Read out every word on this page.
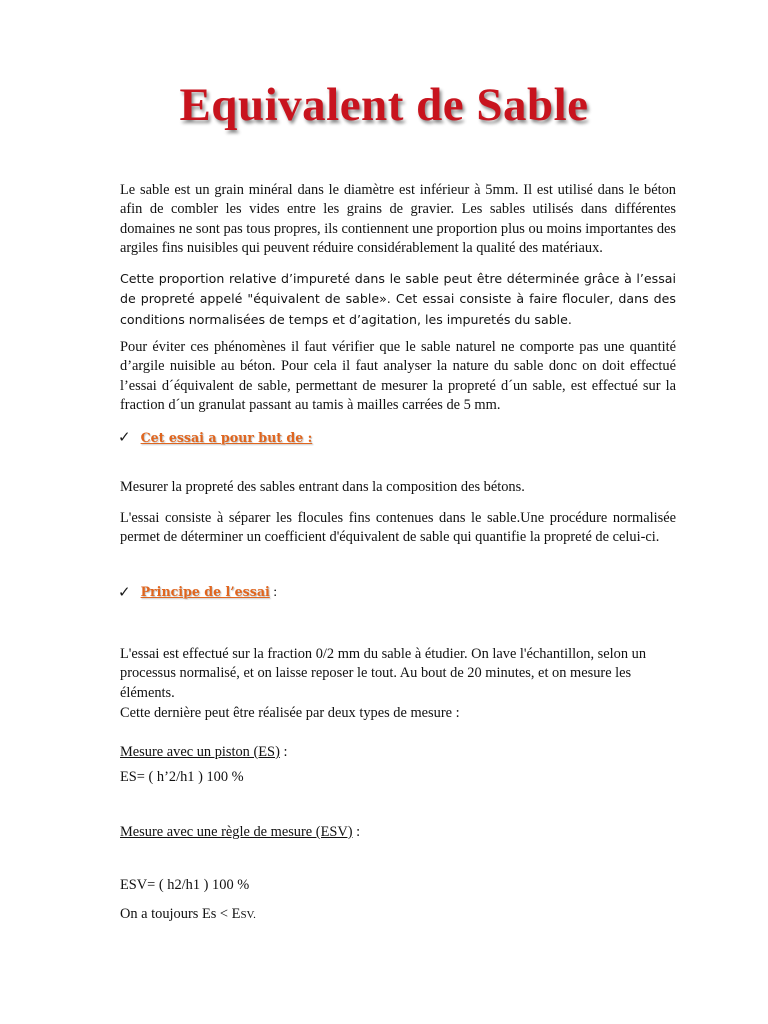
Equivalent de Sable

Le sable est un grain minéral dans le diamètre est inférieur à 5mm. Il est utilisé dans le béton afin de combler les vides entre les grains de gravier. Les sables utilisés dans différentes domaines ne sont pas tous propres, ils contiennent une proportion plus ou moins importantes des argiles fins nuisibles qui peuvent réduire considérablement la qualité des matériaux.

Cette proportion relative d’impureté dans le sable peut être déterminée grâce à l’essai de propreté appelé "équivalent de sable». Cet essai consiste à faire floculer, dans des conditions normalisées de temps et d’agitation, les impuretés du sable.

Pour éviter ces phénomènes il faut vérifier que le sable naturel ne comporte pas une quantité d’argile nuisible au béton. Pour cela il faut analyser la nature du sable donc on doit effectué l’essai d´équivalent de sable, permettant de mesurer la propreté d´un sable, est effectué sur la fraction d´un granulat passant au tamis à mailles carrées de 5 mm.

✓ Cet essai a pour but de :

Mesurer la propreté des sables entrant dans la composition des bétons.

L'essai consiste à séparer les flocules fins contenues dans le sable.Une procédure normalisée permet de déterminer un coefficient d'équivalent de sable qui quantifie la propreté de celui-ci.

✓ Principe de l’essai :

L'essai est effectué sur la fraction 0/2 mm du sable à étudier. On lave l'échantillon, selon un processus normalisé, et on laisse reposer le tout. Au bout de 20 minutes, et on mesure les éléments.

Cette dernière peut être réalisée par deux types de mesure :

Mesure avec un piston (ES) :

ES= ( h’2/h1 ) 100 %

Mesure avec une règle de mesure (ESV) :

ESV= ( h2/h1 ) 100 %

On a toujours Es < ESV.
